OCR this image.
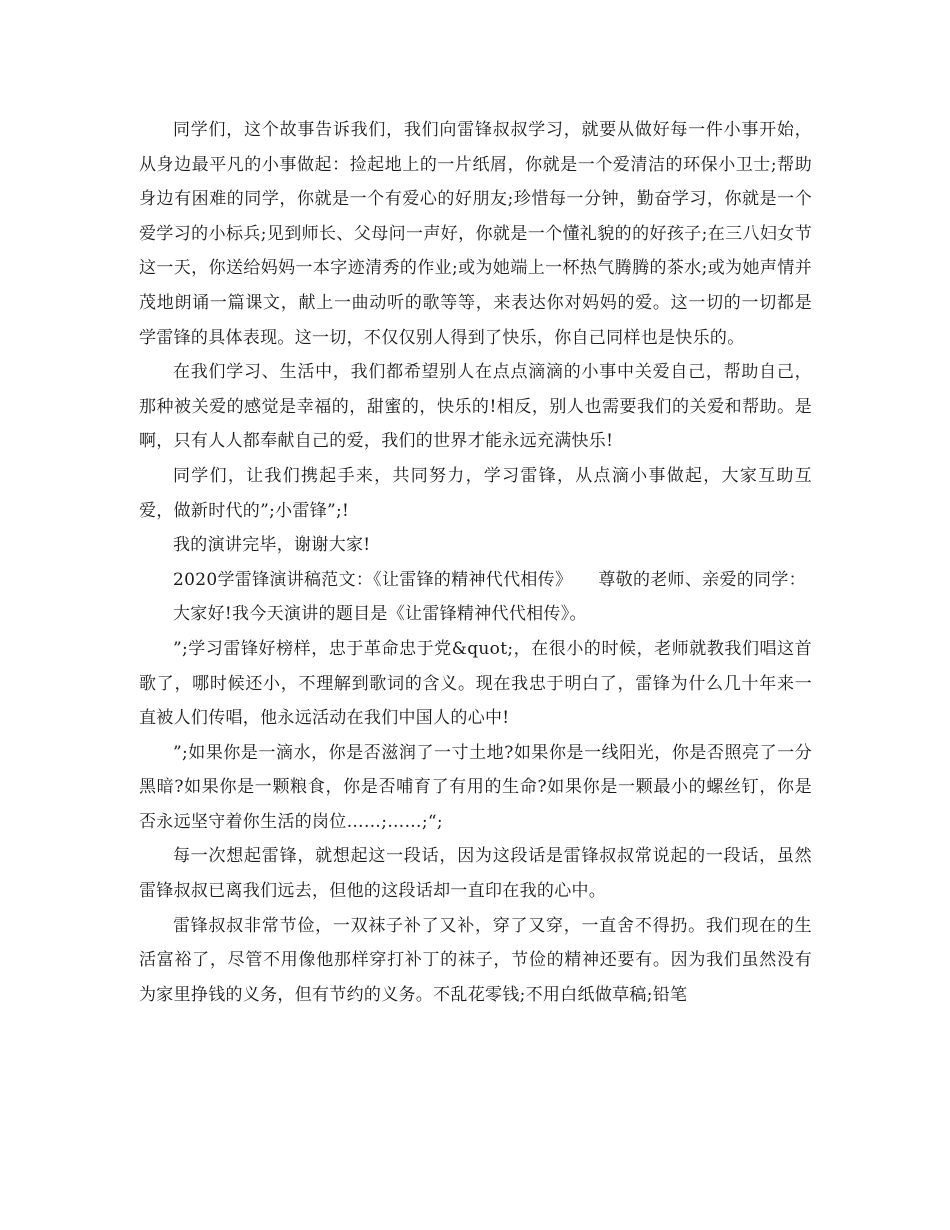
同学们，这个故事告诉我们，我们向雷锋叔叔学习，就要从做好每一件小事开始，从身边最平凡的小事做起：捡起地上的一片纸屑，你就是一个爱清洁的环保小卫士;帮助身边有困难的同学，你就是一个有爱心的好朋友;珍惜每一分钟，勤奋学习，你就是一个爱学习的小标兵;见到师长、父母问一声好，你就是一个懂礼貌的的好孩子;在三八妇女节这一天，你送给妈妈一本字迹清秀的作业;或为她端上一杯热气腾腾的茶水;或为她声情并茂地朗诵一篇课文，献上一曲动听的歌等等，来表达你对妈妈的爱。这一切的一切都是学雷锋的具体表现。这一切，不仅仅别人得到了快乐，你自己同样也是快乐的。

在我们学习、生活中，我们都希望别人在点点滴滴的小事中关爱自己，帮助自己，那种被关爱的感觉是幸福的，甜蜜的，快乐的!相反，别人也需要我们的关爱和帮助。是啊，只有人人都奉献自己的爱，我们的世界才能永远充满快乐!

同学们，让我们携起手来，共同努力，学习雷锋，从点滴小事做起，大家互助互爱，做新时代的”;小雷锋”;!

我的演讲完毕，谢谢大家!

2020学雷锋演讲稿范文：《让雷锋的精神代代相传》　　尊敬的老师、亲爱的同学：

大家好!我今天演讲的题目是《让雷锋精神代代相传》。

”;学习雷锋好榜样，忠于革命忠于党&quot;，在很小的时候，老师就教我们唱这首歌了，哪时候还小，不理解到歌词的含义。现在我忠于明白了，雷锋为什么几十年来一直被人们传唱，他永远活动在我们中国人的心中!

”;如果你是一滴水，你是否滋润了一寸土地?如果你是一线阳光，你是否照亮了一分黑暗?如果你是一颗粮食，你是否哺育了有用的生命?如果你是一颗最小的螺丝钉，你是否永远坚守着你生活的岗位……;……;“;

每一次想起雷锋，就想起这一段话，因为这段话是雷锋叔叔常说起的一段话，虽然雷锋叔叔已离我们远去，但他的这段话却一直印在我的心中。

雷锋叔叔非常节俭，一双袜子补了又补，穿了又穿，一直舍不得扔。我们现在的生活富裕了，尽管不用像他那样穿打补丁的袜子，节俭的精神还要有。因为我们虽然没有为家里挣钱的义务，但有节约的义务。不乱花零钱;不用白纸做草稿;铅笔
